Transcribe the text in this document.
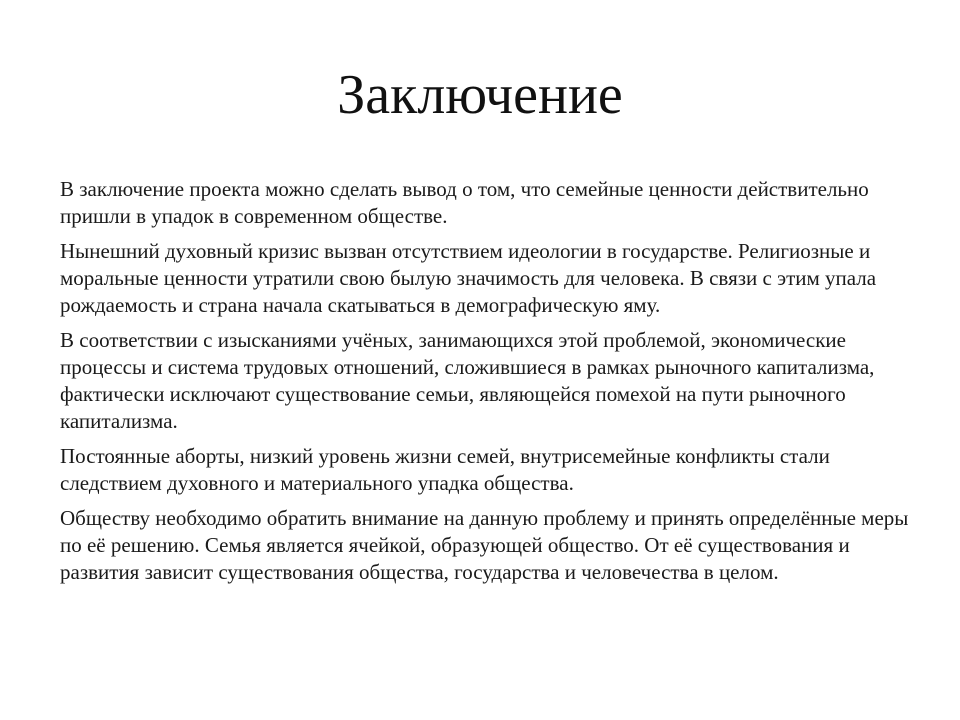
Заключение

В заключение проекта можно сделать вывод о том, что семейные ценности действительно пришли в упадок в современном обществе.

Нынешний духовный кризис вызван отсутствием идеологии в государстве. Религиозные и моральные ценности утратили свою былую значимость для человека. В связи с этим упала рождаемость и страна начала скатываться в демографическую яму.

В соответствии с изысканиями учёных, занимающихся этой проблемой, экономические процессы и система трудовых отношений, сложившиеся в рамках рыночного капитализма, фактически исключают существование семьи, являющейся помехой на пути рыночного капитализма.

Постоянные аборты, низкий уровень жизни семей, внутрисемейные конфликты стали следствием духовного и материального упадка общества.

Обществу необходимо обратить внимание на данную проблему и принять определённые меры по её решению. Семья является ячейкой, образующей общество. От её существования и развития зависит существования общества, государства и человечества в целом.
